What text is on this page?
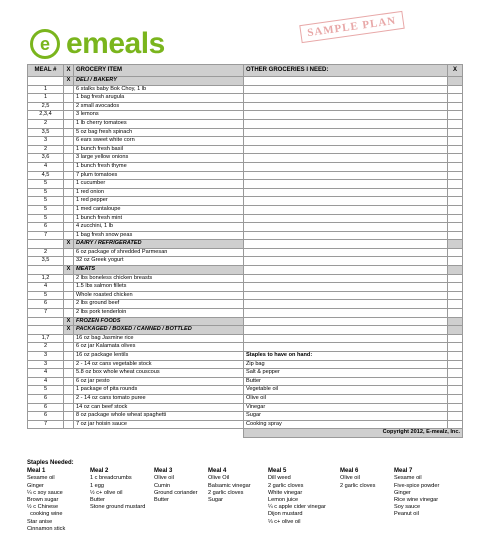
e emeals	SAMPLE PLAN
MEAL #	X	GROCERY ITEM	OTHER GROCERIES I NEED:	X
	X	DELI / BAKERY		
1		6 stalks baby Bok Choy, 1 lb		
1		1 bag fresh arugula		
2,5		2 small avocados		
2,3,4		3 lemons		
2		1 lb cherry tomatoes		
3,5		5 oz bag fresh spinach		
3		6 ears sweet white corn		
2		1 bunch fresh basil		
3,6		3 large yellow onions		
4		1 bunch fresh thyme		
4,5		7 plum tomatoes		
5		1 cucumber		
5		1 red onion		
5		1 red pepper		
5		1 med cantaloupe		
5		1 bunch fresh mint		
6		4 zucchini, 1 lb		
7		1 bag fresh snow peas		
	X	DAIRY / REFRIGERATED		
2		6 oz package of shredded Parmesan		
3,5		32 oz Greek yogurt		
	X	MEATS		
1,2		2 lbs boneless chicken breasts		
4		1.5 lbs salmon fillets		
5		Whole roasted chicken		
6		2 lbs ground beef		
7		2 lbs pork tenderloin		
	X	FROZEN FOODS		
	X	PACKAGED / BOXED / CANNED / BOTTLED		
1,7		16 oz bag Jasmine rice		
2		6 oz jar Kalamata olives		
3		16 oz package lentils	Staples to have on hand:	
3		2 - 14 oz cans vegetable stock	Zip bag	
4		5.8 oz box whole wheat couscous	Salt & pepper	
4		6 oz jar pesto	Butter	
5		1 package of pita rounds	Vegetable oil	
6		2 - 14 oz cans tomato puree	Olive oil	
6		14 oz can beef stock	Vinegar	
6		8 oz package whole wheat spaghetti	Sugar	
7		7 oz jar hoisin sauce	Cooking spray	
			Copyright 2012, E-mealz, Inc.	
Staples Needed:
Meal 1
Sesame oil
Ginger
¼ c soy sauce
Brown sugar
½ c Chinese
cooking wine
Star anise
Cinnamon stick
Meal 2
1 c breadcrumbs
1 egg
½ c+ olive oil
Butter
Stone ground mustard
Meal 3
Olive oil
Cumin
Ground coriander
Butter
Meal 4
Olive Oil
Balsamic vinegar
2 garlic cloves
Sugar
Meal 5
Dill weed
2 garlic cloves
White vinegar
Lemon juice
¼ c apple cider vinegar
Dijon mustard
⅓ c+ olive oil
Meal 6
Olive oil
2 garlic cloves
Meal 7
Sesame oil
Five-spice powder
Ginger
Rice wine vinegar
Soy sauce
Peanut oil
